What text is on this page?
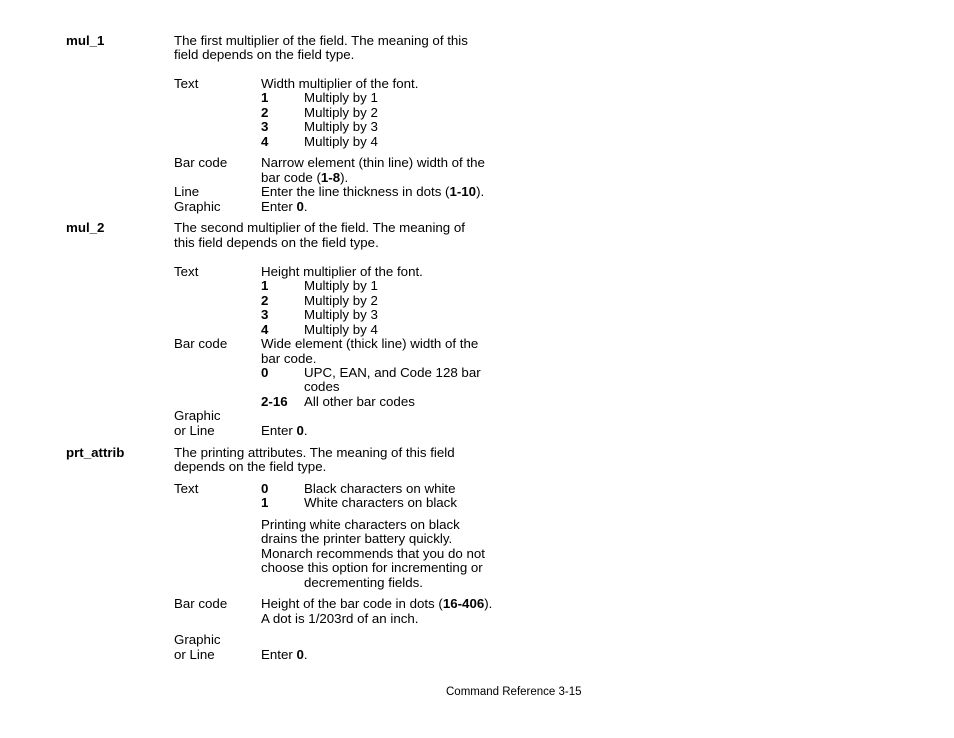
mul_1	The first multiplier of the field. The meaning of this
field depends on the field type.
Text	Width multiplier of the font.
1	Multiply by 1
2	Multiply by 2
3	Multiply by 3
4	Multiply by 4
Bar code	Narrow element (thin line) width of the
bar code (1-8).
Line	Enter the line thickness in dots (1-10).
Graphic	Enter 0.
mul_2	The second multiplier of the field. The meaning of
this field depends on the field type.
Text	Height multiplier of the font.
1	Multiply by 1
2	Multiply by 2
3	Multiply by 3
4	Multiply by 4
Bar code	Wide element (thick line) width of the
bar code.
0	UPC, EAN, and Code 128 bar
codes
2-16 All other bar codes
Graphic
or Line	Enter 0.
prt_attrib	The printing attributes. The meaning of this field
depends on the field type.
Text	0	Black characters on white
1	White characters on black
Printing white characters on black
drains the printer battery quickly.
Monarch recommends that you do not
choose this option for incrementing or
decrementing fields.
Bar code	Height of the bar code in dots (16-406).
A dot is 1/203rd of an inch.
Graphic
or Line	Enter 0.
Command Reference 3-15
